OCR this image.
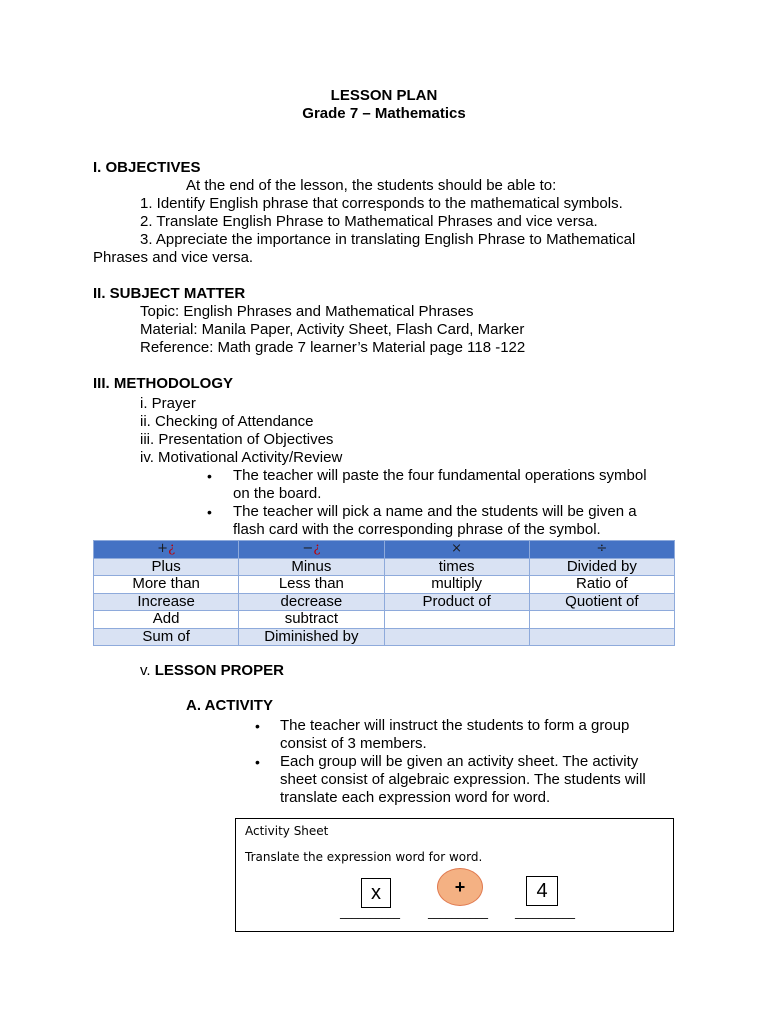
LESSON PLAN
Grade 7 – Mathematics
I. OBJECTIVES
At the end of the lesson, the students should be able to:
1. Identify English phrase that corresponds to the mathematical symbols.
2. Translate English Phrase to Mathematical Phrases and vice versa.
3. Appreciate the importance in translating English Phrase to Mathematical
Phrases and vice versa.
II. SUBJECT MATTER
Topic: English Phrases and Mathematical Phrases
Material: Manila Paper, Activity Sheet, Flash Card, Marker
Reference: Math grade 7 learner’s Material page 118 -122
III. METHODOLOGY
i. Prayer
ii. Checking of Attendance
iii. Presentation of Objectives
iv. Motivational Activity/Review
• The teacher will paste the four fundamental operations symbol
on the board.
• The teacher will pick a name and the students will be given a
flash card with the corresponding phrase of the symbol.
+¿	−¿	×	÷
Plus	Minus	times	Divided by
More than	Less than	multiply	Ratio of
Increase	decrease	Product of	Quotient of
Add	subtract		
Sum of	Diminished by		
v. LESSON PROPER
A. ACTIVITY
• The teacher will instruct the students to form a group
consist of 3 members.
• Each group will be given an activity sheet. The activity
sheet consist of algebraic expression. The students will
translate each expression word for word.
Activity Sheet
Translate the expression word for word.
x	+	4
__________ __________ __________
